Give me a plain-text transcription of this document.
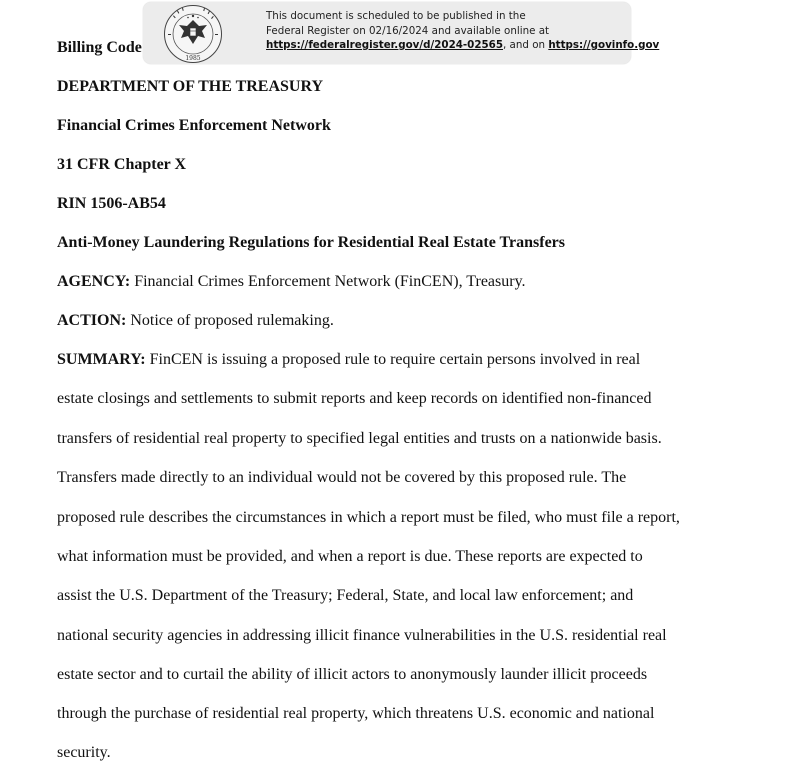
Billing Code
DEPARTMENT OF THE TREASURY
Financial Crimes Enforcement Network
31 CFR Chapter X
RIN 1506-AB54
Anti-Money Laundering Regulations for Residential Real Estate Transfers
AGENCY: Financial Crimes Enforcement Network (FinCEN), Treasury.
ACTION: Notice of proposed rulemaking.
SUMMARY: FinCEN is issuing a proposed rule to require certain persons involved in real
estate closings and settlements to submit reports and keep records on identified non-financed
transfers of residential real property to specified legal entities and trusts on a nationwide basis.
Transfers made directly to an individual would not be covered by this proposed rule. The
proposed rule describes the circumstances in which a report must be filed, who must file a report,
what information must be provided, and when a report is due. These reports are expected to
assist the U.S. Department of the Treasury; Federal, State, and local law enforcement; and
national security agencies in addressing illicit finance vulnerabilities in the U.S. residential real
estate sector and to curtail the ability of illicit actors to anonymously launder illicit proceeds
through the purchase of residential real property, which threatens U.S. economic and national
security.
1985
This document is scheduled to be published in the
Federal Register on 02/16/2024 and available online at
https://federalregister.gov/d/2024-02565, and on https://govinfo.gov
